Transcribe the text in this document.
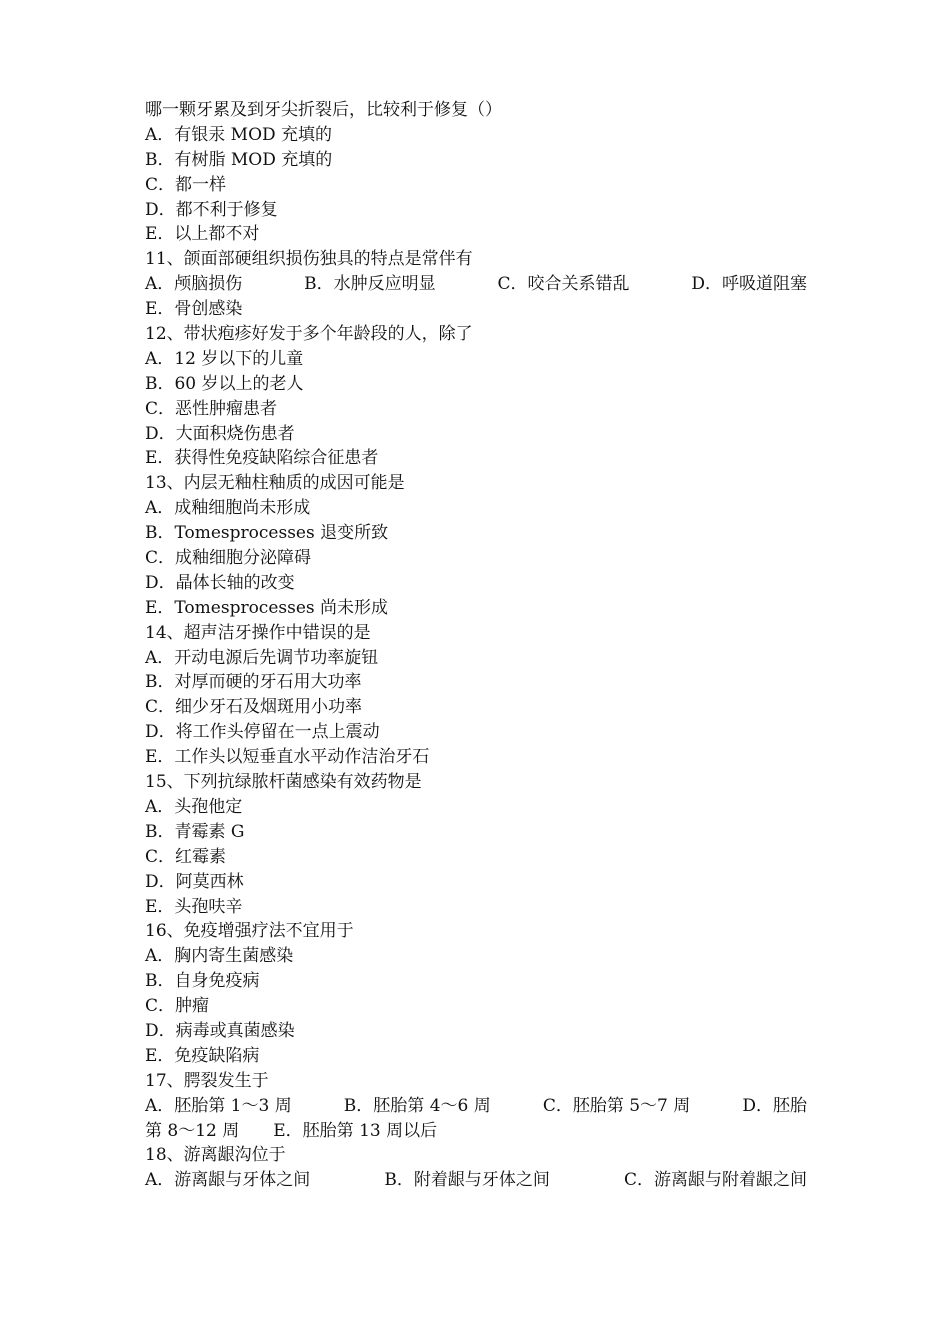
哪一颗牙累及到牙尖折裂后，比较利于修复（）
A．有银汞 MOD 充填的
B．有树脂 MOD 充填的
C．都一样
D．都不利于修复
E．以上都不对
11、颌面部硬组织损伤独具的特点是常伴有
A．颅脑损伤	B．水肿反应明显	C．咬合关系错乱	D．呼吸道阻塞
E．骨创感染
12、带状疱疹好发于多个年龄段的人，除了
A．12 岁以下的儿童
B．60 岁以上的老人
C．恶性肿瘤患者
D．大面积烧伤患者
E．获得性免疫缺陷综合征患者
13、内层无釉柱釉质的成因可能是
A．成釉细胞尚未形成
B．Tomesprocesses 退变所致
C．成釉细胞分泌障碍
D．晶体长轴的改变
E．Tomesprocesses 尚未形成
14、超声洁牙操作中错误的是
A．开动电源后先调节功率旋钮
B．对厚而硬的牙石用大功率
C．细少牙石及烟斑用小功率
D．将工作头停留在一点上震动
E．工作头以短垂直水平动作洁治牙石
15、下列抗绿脓杆菌感染有效药物是
A．头孢他定
B．青霉素 G
C．红霉素
D．阿莫西林
E．头孢呋辛
16、免疫增强疗法不宜用于
A．胸内寄生菌感染
B．自身免疫病
C．肿瘤
D．病毒或真菌感染
E．免疫缺陷病
17、腭裂发生于
A．胚胎第 1～3 周	B．胚胎第 4～6 周	C．胚胎第 5～7 周	D．胚胎
第 8～12 周　　E．胚胎第 13 周以后
18、游离龈沟位于
A．游离龈与牙体之间	B．附着龈与牙体之间	C．游离龈与附着龈之间
